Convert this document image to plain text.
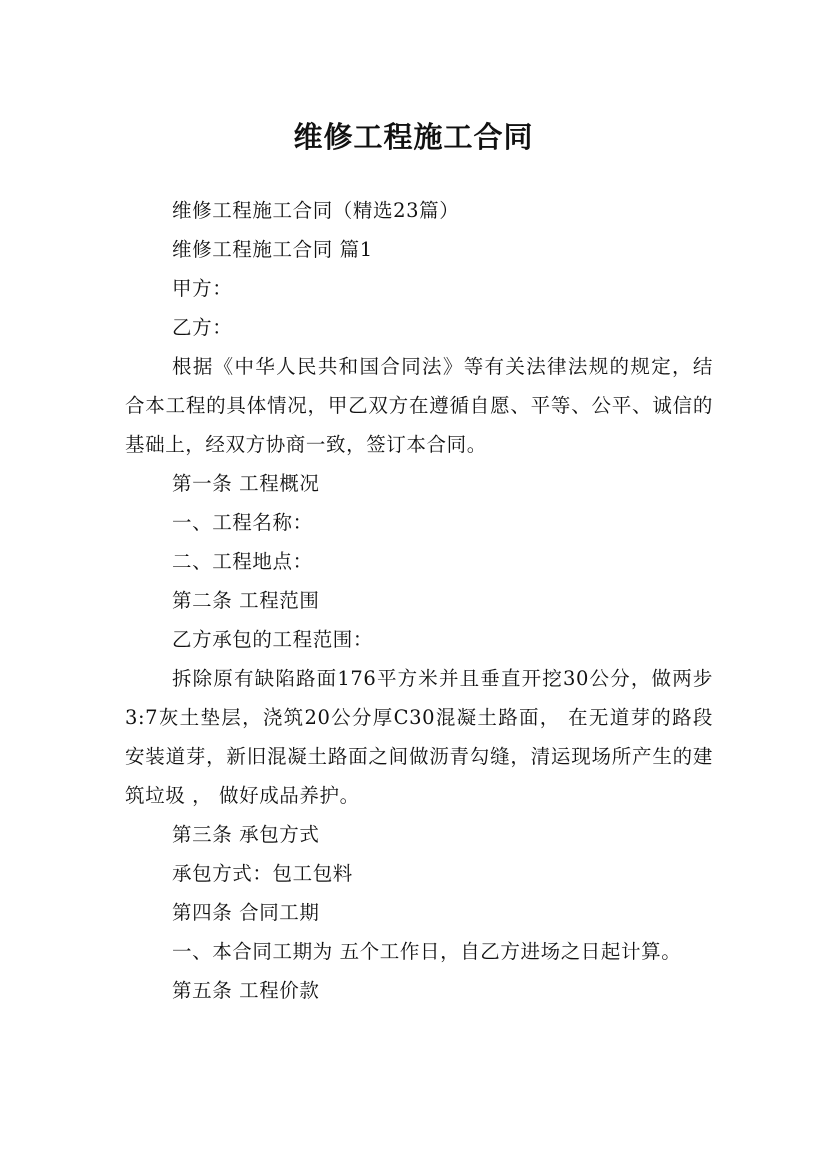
维修工程施工合同

维修工程施工合同（精选23篇）

维修工程施工合同 篇1

甲方：

乙方：

根据《中华人民共和国合同法》等有关法律法规的规定，结合本工程的具体情况，甲乙双方在遵循自愿、平等、公平、诚信的基础上，经双方协商一致，签订本合同。

第一条 工程概况

一、工程名称：

二、工程地点：

第二条 工程范围

乙方承包的工程范围：

拆除原有缺陷路面176平方米并且垂直开挖30公分，做两步3:7灰土垫层，浇筑20公分厚C30混凝土路面， 在无道芽的路段安装道芽，新旧混凝土路面之间做沥青勾缝，清运现场所产生的建筑垃圾 ， 做好成品养护。

第三条 承包方式

承包方式：包工包料

第四条 合同工期

一、本合同工期为 五个工作日，自乙方进场之日起计算。

第五条 工程价款
